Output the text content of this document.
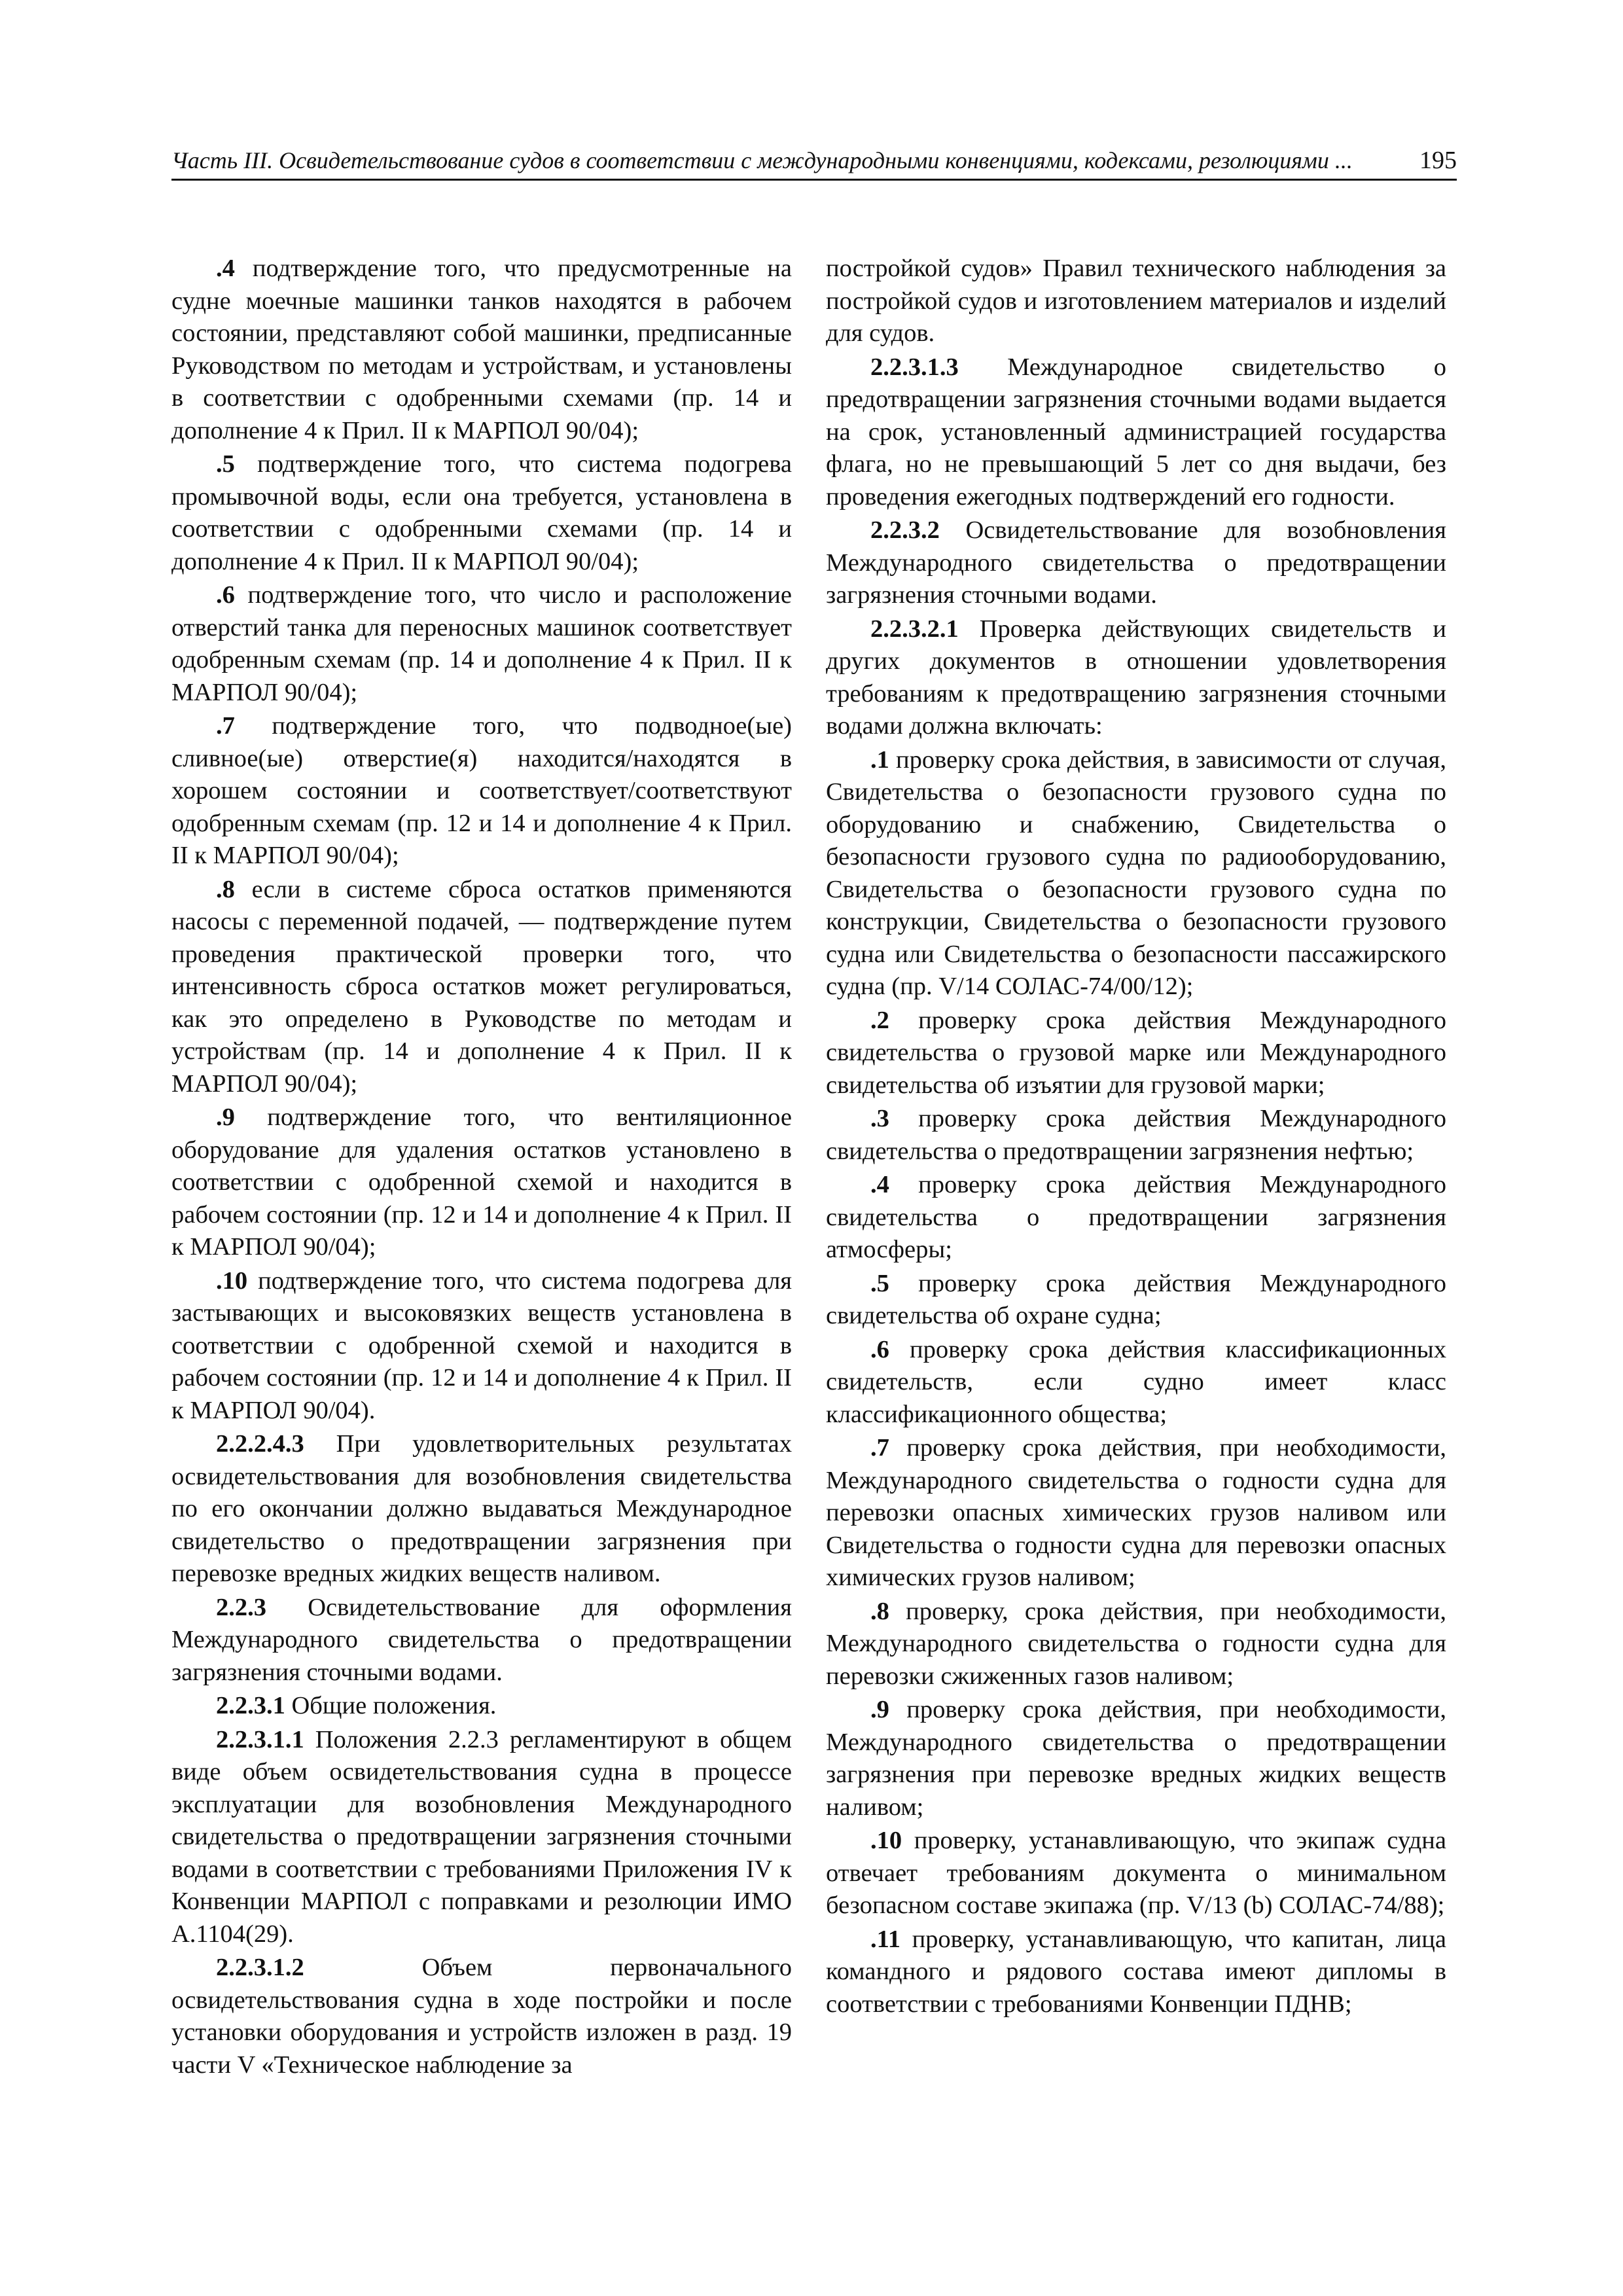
Часть III. Освидетельствование судов в соответствии с международными конвенциями, кодексами, резолюциями ...	195

.4 подтверждение того, что предусмотренные на судне моечные машинки танков находятся в рабочем состоянии, представляют собой машинки, предписанные Руководством по методам и устройствам, и установлены в соответствии с одобренными схемами (пр. 14 и дополнение 4 к Прил. II к МАРПОЛ 90/04);

.5 подтверждение того, что система подогрева промывочной воды, если она требуется, установлена в соответствии с одобренными схемами (пр. 14 и дополнение 4 к Прил. II к МАРПОЛ 90/04);

.6 подтверждение того, что число и расположение отверстий танка для переносных машинок соответствует одобренным схемам (пр. 14 и дополнение 4 к Прил. II к МАРПОЛ 90/04);

.7 подтверждение того, что подводное(ые) сливное(ые) отверстие(я) находится/находятся в хорошем состоянии и соответствует/соответствуют одобренным схемам (пр. 12 и 14 и дополнение 4 к Прил. II к МАРПОЛ 90/04);

.8 если в системе сброса остатков применяются насосы с переменной подачей, — подтверждение путем проведения практической проверки того, что интенсивность сброса остатков может регулироваться, как это определено в Руководстве по методам и устройствам (пр. 14 и дополнение 4 к Прил. II к МАРПОЛ 90/04);

.9 подтверждение того, что вентиляционное оборудование для удаления остатков установлено в соответствии с одобренной схемой и находится в рабочем состоянии (пр. 12 и 14 и дополнение 4 к Прил. II к МАРПОЛ 90/04);

.10 подтверждение того, что система подогрева для застывающих и высоковязких веществ установлена в соответствии с одобренной схемой и находится в рабочем состоянии (пр. 12 и 14 и дополнение 4 к Прил. II к МАРПОЛ 90/04).

2.2.2.4.3 При удовлетворительных результатах освидетельствования для возобновления свидетельства по его окончании должно выдаваться Международное свидетельство о предотвращении загрязнения при перевозке вредных жидких веществ наливом.

2.2.3 Освидетельствование для оформления Международного свидетельства о предотвращении загрязнения сточными водами.

2.2.3.1 Общие положения.

2.2.3.1.1 Положения 2.2.3 регламентируют в общем виде объем освидетельствования судна в процессе эксплуатации для возобновления Международного свидетельства о предотвращении загрязнения сточными водами в соответствии с требованиями Приложения IV к Конвенции МАРПОЛ с поправками и резолюции ИМО А.1104(29).

2.2.3.1.2 Объем первоначального освидетельствования судна в ходе постройки и после установки оборудования и устройств изложен в разд. 19 части V «Техническое наблюдение за

постройкой судов» Правил технического наблюдения за постройкой судов и изготовлением материалов и изделий для судов.

2.2.3.1.3 Международное свидетельство о предотвращении загрязнения сточными водами выдается на срок, установленный администрацией государства флага, но не превышающий 5 лет со дня выдачи, без проведения ежегодных подтверждений его годности.

2.2.3.2 Освидетельствование для возобновления Международного свидетельства о предотвращении загрязнения сточными водами.

2.2.3.2.1 Проверка действующих свидетельств и других документов в отношении удовлетворения требованиям к предотвращению загрязнения сточными водами должна включать:

.1 проверку срока действия, в зависимости от случая, Свидетельства о безопасности грузового судна по оборудованию и снабжению, Свидетельства о безопасности грузового судна по радиооборудованию, Свидетельства о безопасности грузового судна по конструкции, Свидетельства о безопасности грузового судна или Свидетельства о безопасности пассажирского судна (пр. V/14 СОЛАС-74/00/12);

.2 проверку срока действия Международного свидетельства о грузовой марке или Международного свидетельства об изъятии для грузовой марки;

.3 проверку срока действия Международного свидетельства о предотвращении загрязнения нефтью;

.4 проверку срока действия Международного свидетельства о предотвращении загрязнения атмосферы;

.5 проверку срока действия Международного свидетельства об охране судна;

.6 проверку срока действия классификационных свидетельств, если судно имеет класс классификационного общества;

.7 проверку срока действия, при необходимости, Международного свидетельства о годности судна для перевозки опасных химических грузов наливом или Свидетельства о годности судна для перевозки опасных химических грузов наливом;

.8 проверку, срока действия, при необходимости, Международного свидетельства о годности судна для перевозки сжиженных газов наливом;

.9 проверку срока действия, при необходимости, Международного свидетельства о предотвращении загрязнения при перевозке вредных жидких веществ наливом;

.10 проверку, устанавливающую, что экипаж судна отвечает требованиям документа о минимальном безопасном составе экипажа (пр. V/13 (b) СОЛАС-74/88);

.11 проверку, устанавливающую, что капитан, лица командного и рядового состава имеют дипломы в соответствии с требованиями Конвенции ПДНВ;
